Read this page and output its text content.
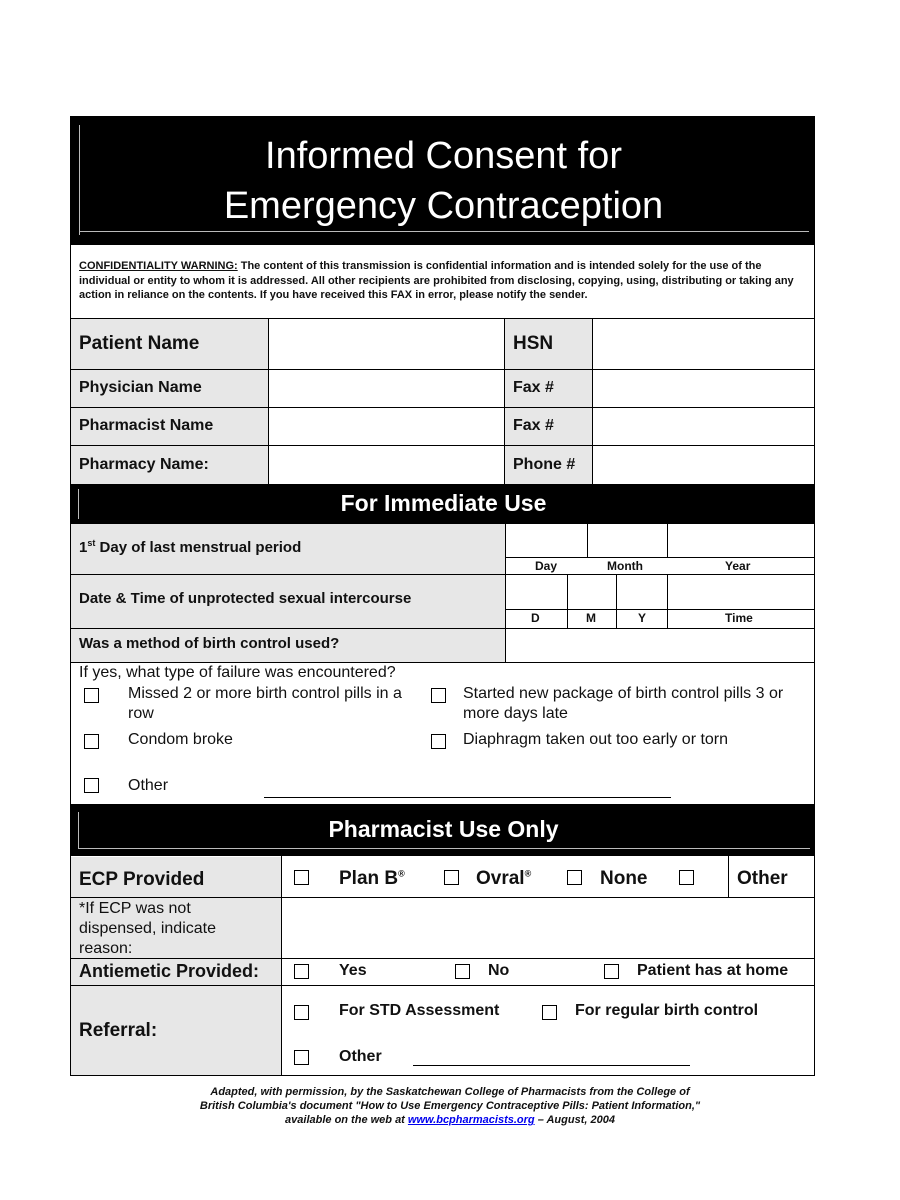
Informed Consent for
Emergency Contraception
CONFIDENTIALITY WARNING: The content of this transmission is confidential information and is intended solely for the use of the individual or entity to whom it is addressed. All other recipients are prohibited from disclosing, copying, using, distributing or taking any action in reliance on the contents. If you have received this FAX in error, please notify the sender.
Patient Name	HSN
Physician Name	Fax #
Pharmacist Name	Fax #
Pharmacy Name:	Phone #
For Immediate Use
1st Day of last menstrual period
Day	Month	Year
Date & Time of unprotected sexual intercourse
D	M	Y	Time
Was a method of birth control used?
If yes, what type of failure was encountered?
Missed 2 or more birth control pills in a row
Started new package of birth control pills 3 or more days late
Condom broke	Diaphragm taken out too early or torn
Other
Pharmacist Use Only
ECP Provided	Plan B®	Ovral®	None	Other
*If ECP was not dispensed, indicate reason:
Antiemetic Provided:	Yes	No	Patient has at home
Referral:
For STD Assessment	For regular birth control
Other
Adapted, with permission, by the Saskatchewan College of Pharmacists from the College of
British Columbia's document "How to Use Emergency Contraceptive Pills: Patient Information,"
available on the web at www.bcpharmacists.org – August, 2004
